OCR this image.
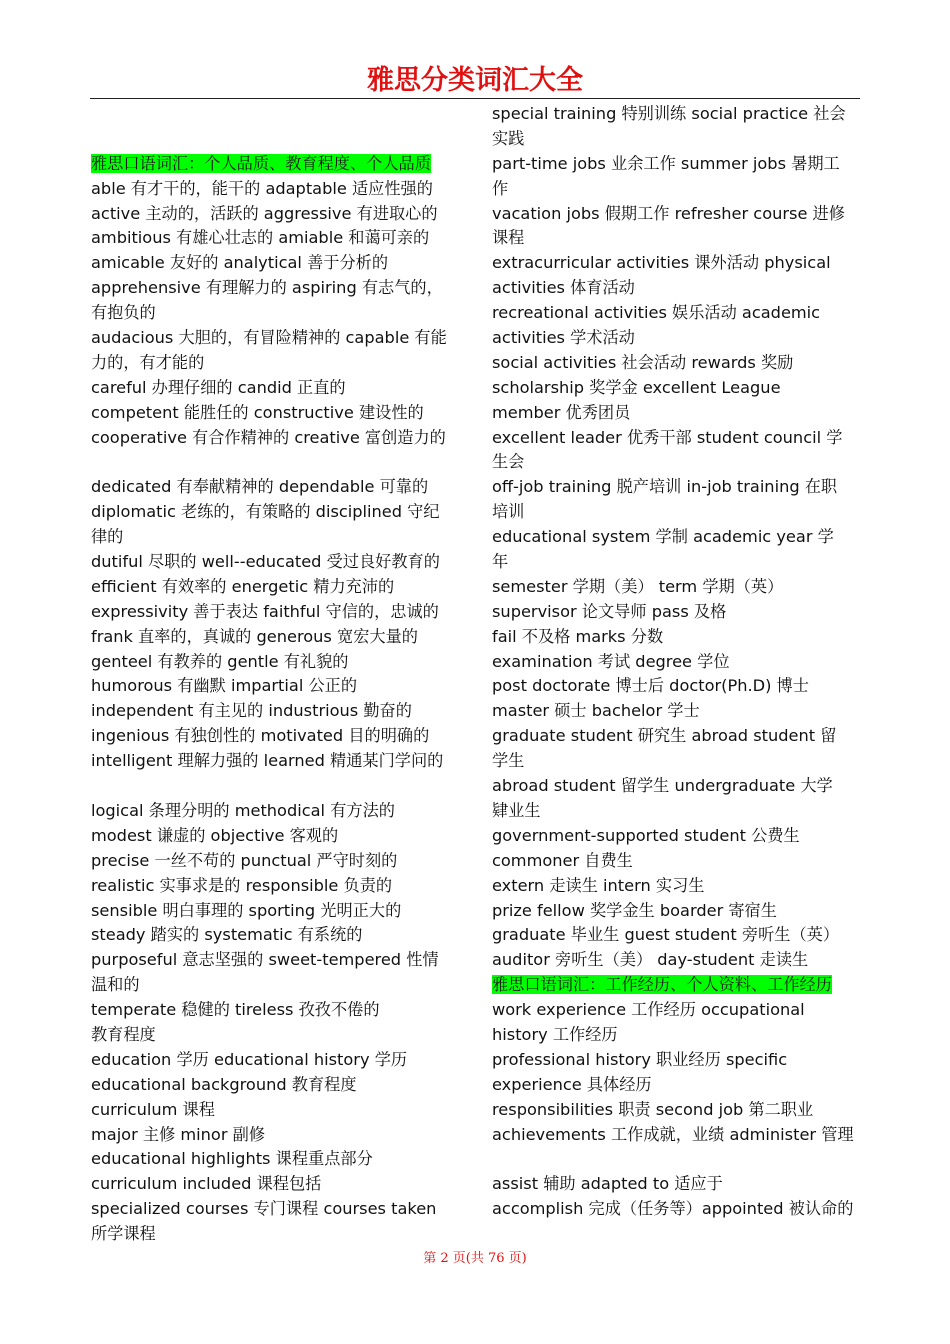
雅思分类词汇大全
雅思口语词汇：个人品质、教育程度、个人品质
able 有才干的，能干的 adaptable 适应性强的
active 主动的，活跃的 aggressive 有进取心的
ambitious 有雄心壮志的 amiable 和蔼可亲的
amicable 友好的 analytical 善于分析的
apprehensive 有理解力的 aspiring 有志气的，
有抱负的
audacious 大胆的，有冒险精神的 capable 有能
力的，有才能的
careful 办理仔细的 candid 正直的
competent 能胜任的 constructive 建设性的
cooperative 有合作精神的 creative 富创造力的
dedicated 有奉献精神的 dependable 可靠的
diplomatic 老练的，有策略的 disciplined 守纪
律的
dutiful 尽职的 well--educated 受过良好教育的
efficient 有效率的 energetic 精力充沛的
expressivity 善于表达 faithful 守信的，忠诚的
frank 直率的，真诚的 generous 宽宏大量的
genteel 有教养的 gentle 有礼貌的
humorous 有幽默 impartial 公正的
independent 有主见的 industrious 勤奋的
ingenious 有独创性的 motivated 目的明确的
intelligent 理解力强的 learned 精通某门学问的
logical 条理分明的 methodical 有方法的
modest 谦虚的 objective 客观的
precise 一丝不苟的 punctual 严守时刻的
realistic 实事求是的 responsible 负责的
sensible 明白事理的 sporting 光明正大的
steady 踏实的 systematic 有系统的
purposeful 意志坚强的 sweet-tempered 性情
温和的
temperate 稳健的 tireless 孜孜不倦的
教育程度
education 学历 educational history 学历
educational background 教育程度
curriculum 课程
major 主修 minor 副修
educational highlights 课程重点部分
curriculum included 课程包括
specialized courses 专门课程 courses taken
所学课程
special training 特别训练 social practice 社会
实践
part-time jobs 业余工作 summer jobs 暑期工
作
vacation jobs 假期工作 refresher course 进修
课程
extracurricular activities 课外活动 physical
activities 体育活动
recreational activities 娱乐活动 academic
activities 学术活动
social activities 社会活动 rewards 奖励
scholarship 奖学金 excellent League
member 优秀团员
excellent leader 优秀干部 student council 学
生会
off-job training 脱产培训 in-job training 在职
培训
educational system 学制 academic year 学
年
semester 学期（美） term 学期（英）
supervisor 论文导师 pass 及格
fail 不及格 marks 分数
examination 考试 degree 学位
post doctorate 博士后 doctor(Ph.D) 博士
master 硕士 bachelor 学士
graduate student 研究生 abroad student 留
学生
abroad student 留学生 undergraduate 大学
肄业生
government-supported student 公费生
commoner 自费生
extern 走读生 intern 实习生
prize fellow 奖学金生 boarder 寄宿生
graduate 毕业生 guest student 旁听生（英）
auditor 旁听生（美） day-student 走读生
雅思口语词汇：工作经历、个人资料、工作经历
work experience 工作经历 occupational
history 工作经历
professional history 职业经历 specific
experience 具体经历
responsibilities 职责 second job 第二职业
achievements 工作成就，业绩 administer 管理
assist 辅助 adapted to 适应于
accomplish 完成（任务等）appointed 被认命的
第 2 页(共 76 页)
